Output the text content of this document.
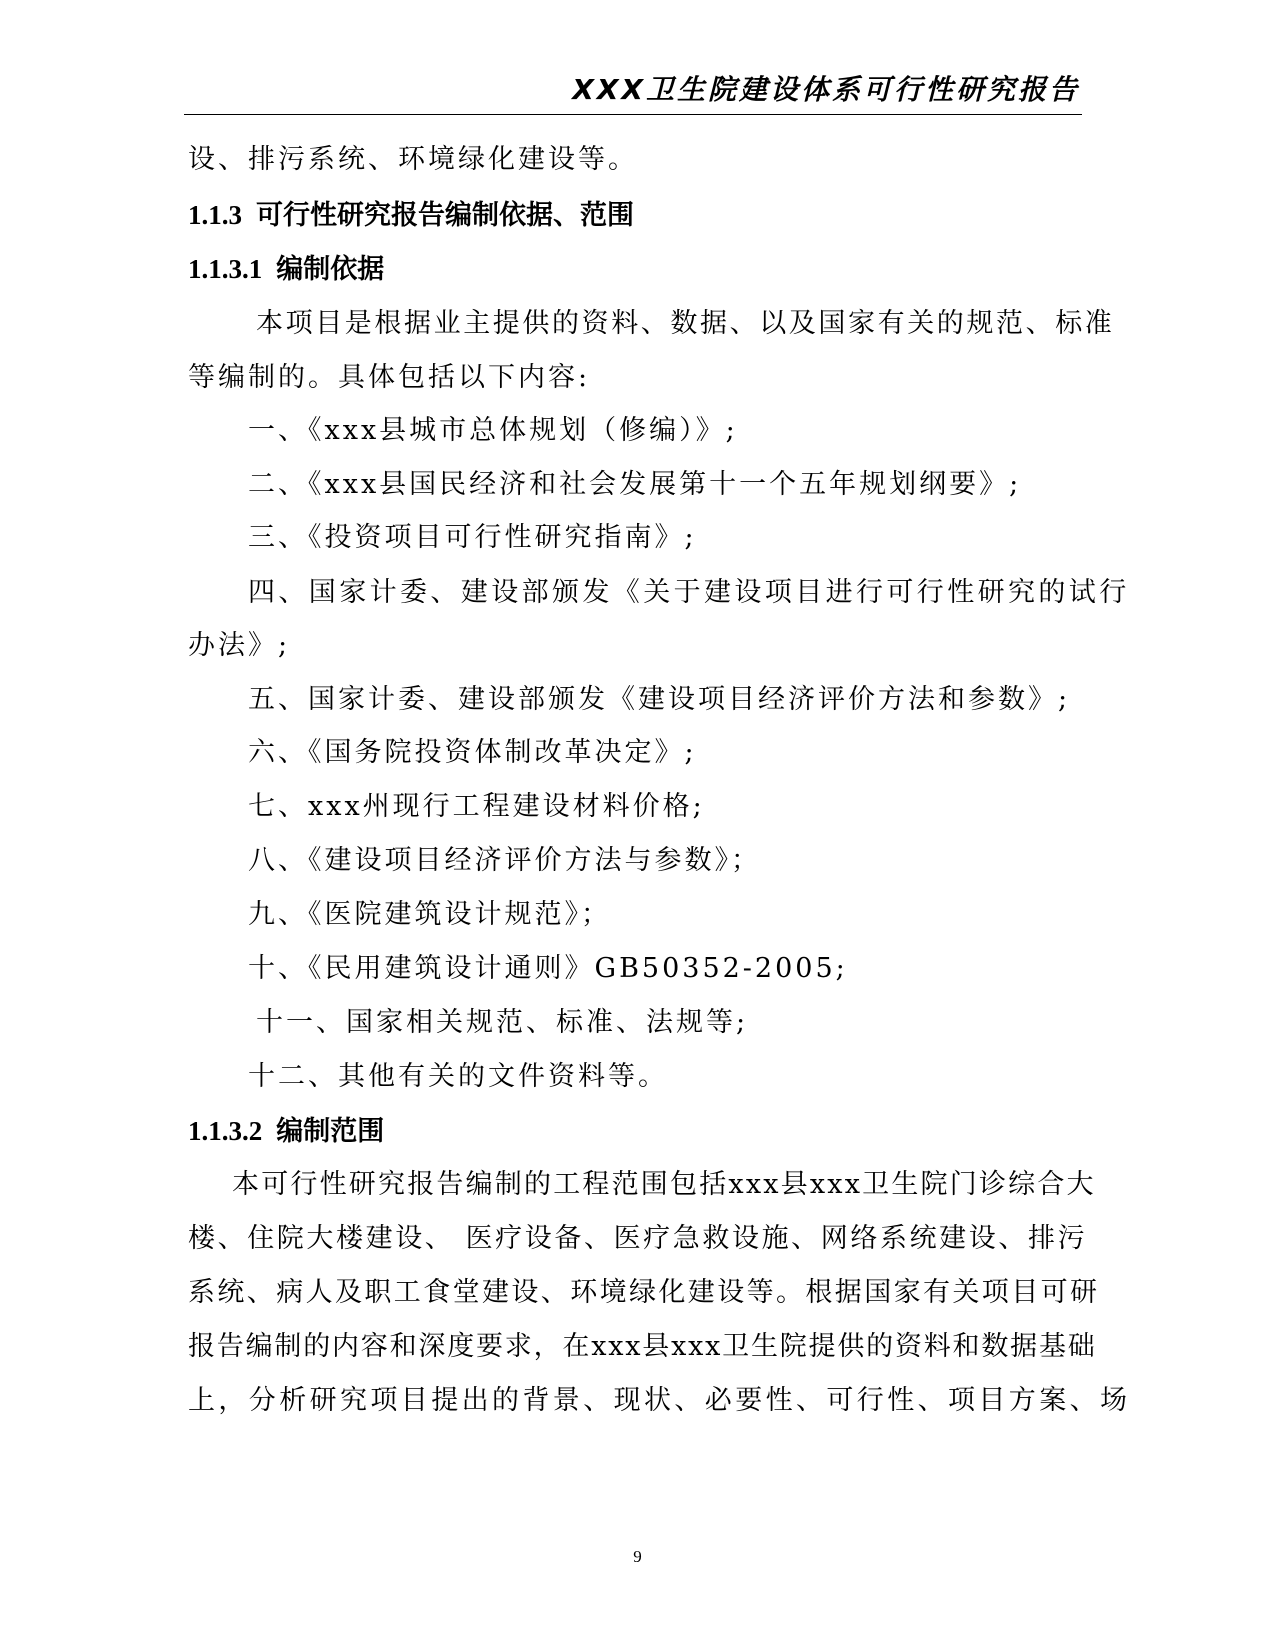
XXX卫生院建设体系可行性研究报告
设、排污系统、环境绿化建设等。
1.1.3 可行性研究报告编制依据、范围
1.1.3.1 编制依据
本项目是根据业主提供的资料、数据、以及国家有关的规范、标准
等编制的。具体包括以下内容:
一、《xxx县城市总体规划（修编）》;
二、《xxx县国民经济和社会发展第十一个五年规划纲要》;
三、《投资项目可行性研究指南》;
四、国家计委、建设部颁发《关于建设项目进行可行性研究的试行
办法》;
五、国家计委、建设部颁发《建设项目经济评价方法和参数》;
六、《国务院投资体制改革决定》;
七、xxx州现行工程建设材料价格;
八、《建设项目经济评价方法与参数》；
九、《医院建筑设计规范》；
十、《民用建筑设计通则》GB50352-2005;
十一、国家相关规范、标准、法规等;
十二、其他有关的文件资料等。
1.1.3.2 编制范围
本可行性研究报告编制的工程范围包括xxx县xxx卫生院门诊综合大
楼、住院大楼建设、 医疗设备、医疗急救设施、网络系统建设、排污
系统、病人及职工食堂建设、环境绿化建设等。根据国家有关项目可研
报告编制的内容和深度要求，在xxx县xxx卫生院提供的资料和数据基础
上，分析研究项目提出的背景、现状、必要性、可行性、项目方案、场
9
